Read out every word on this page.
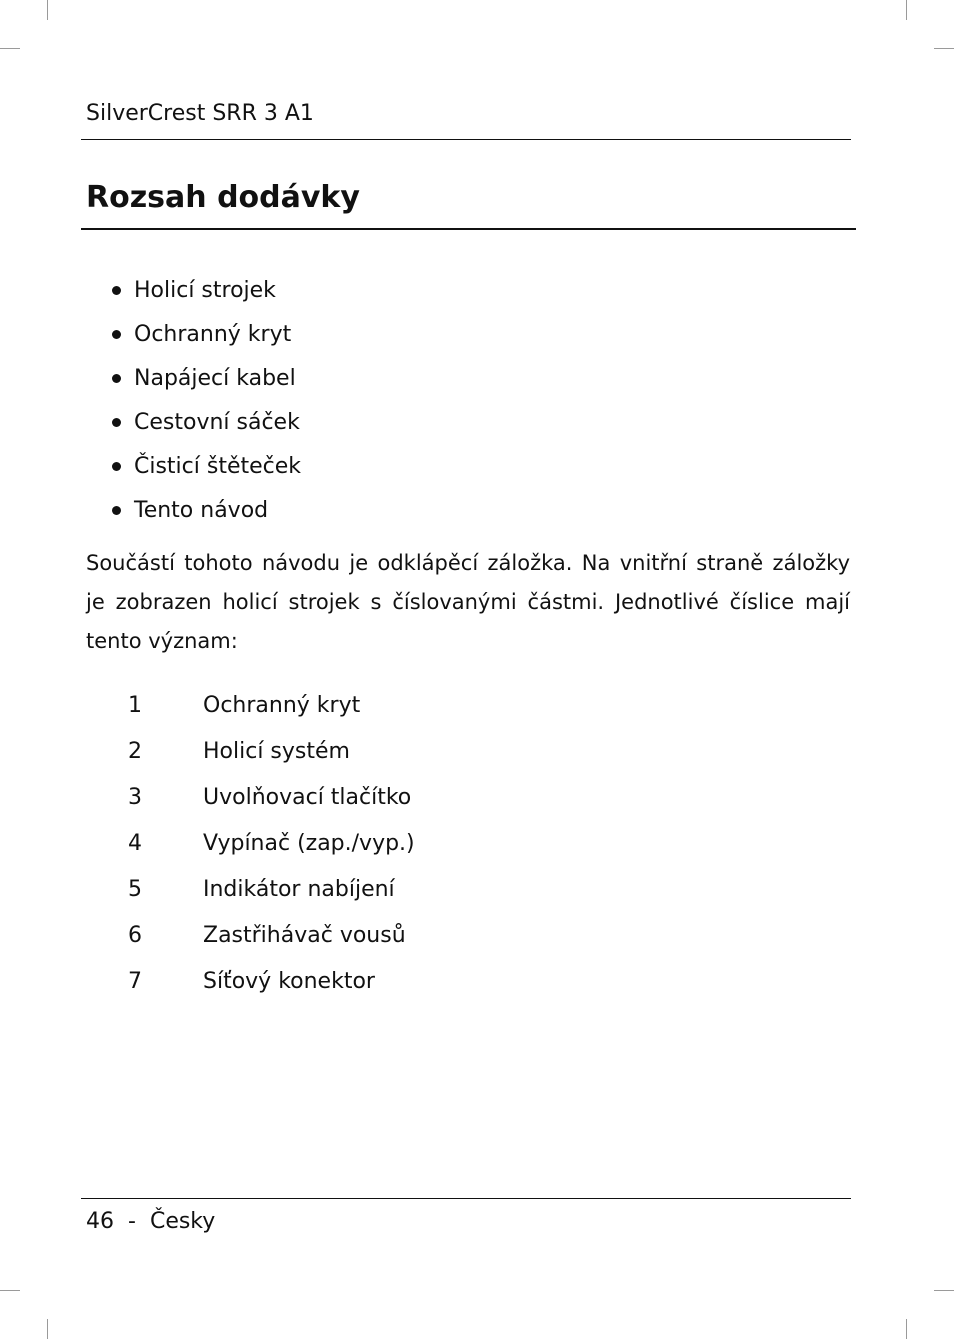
SilverCrest SRR 3 A1
Rozsah dodávky
Holicí strojek
Ochranný kryt
Napájecí kabel
Cestovní sáček
Čisticí štěteček
Tento návod

Součástí tohoto návodu je odklápěcí záložka. Na vnitřní straně záložky je zobrazen holicí strojek s číslovanými částmi. Jednotlivé číslice mají tento význam:

1	Ochranný kryt
2	Holicí systém
3	Uvolňovací tlačítko
4	Vypínač (zap./vyp.)
5	Indikátor nabíjení
6	Zastřihávač vousů
7	Síťový konektor
46 - Česky
